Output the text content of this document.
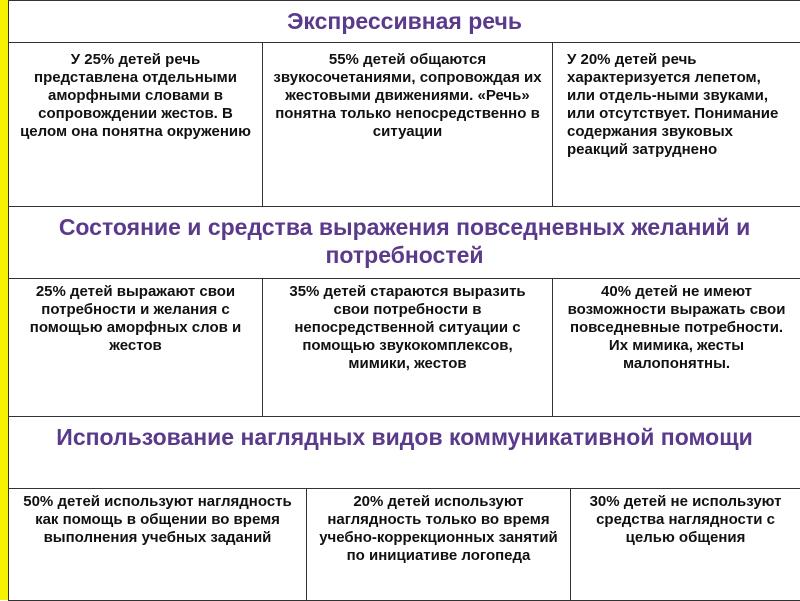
Экспрессивная речь				
У 25% детей речь представлена отдельными аморфными словами в сопровождении жестов. В целом она понятна окружению	55% детей общаются звукосочетаниями, сопровождая их жестовыми движениями. «Речь» понятна только непосредственно в ситуации		У 20% детей речь характеризуется лепетом, или отдель-ными звуками, или отсутствует. Понимание содержания звуковых реакций затруднено	
Состояние и средства выражения повседневных желаний и потребностей				
25% детей выражают свои потребности и желания с помощью аморфных слов и жестов	35% детей стараются выразить свои потребности в непосредственной ситуации с помощью звукокомплексов, мимики, жестов		40% детей не имеют возможности выражать свои повседневные потребности. Их мимика, жесты малопонятны.	
Использование наглядных видов коммуникативной помощи				
50% детей используют наглядность как помощь в общении во время выполнения учебных заданий		20% детей используют наглядность только во время учебно-коррекционных занятий по инициативе логопеда		30% детей не используют средства наглядности с целью общения
